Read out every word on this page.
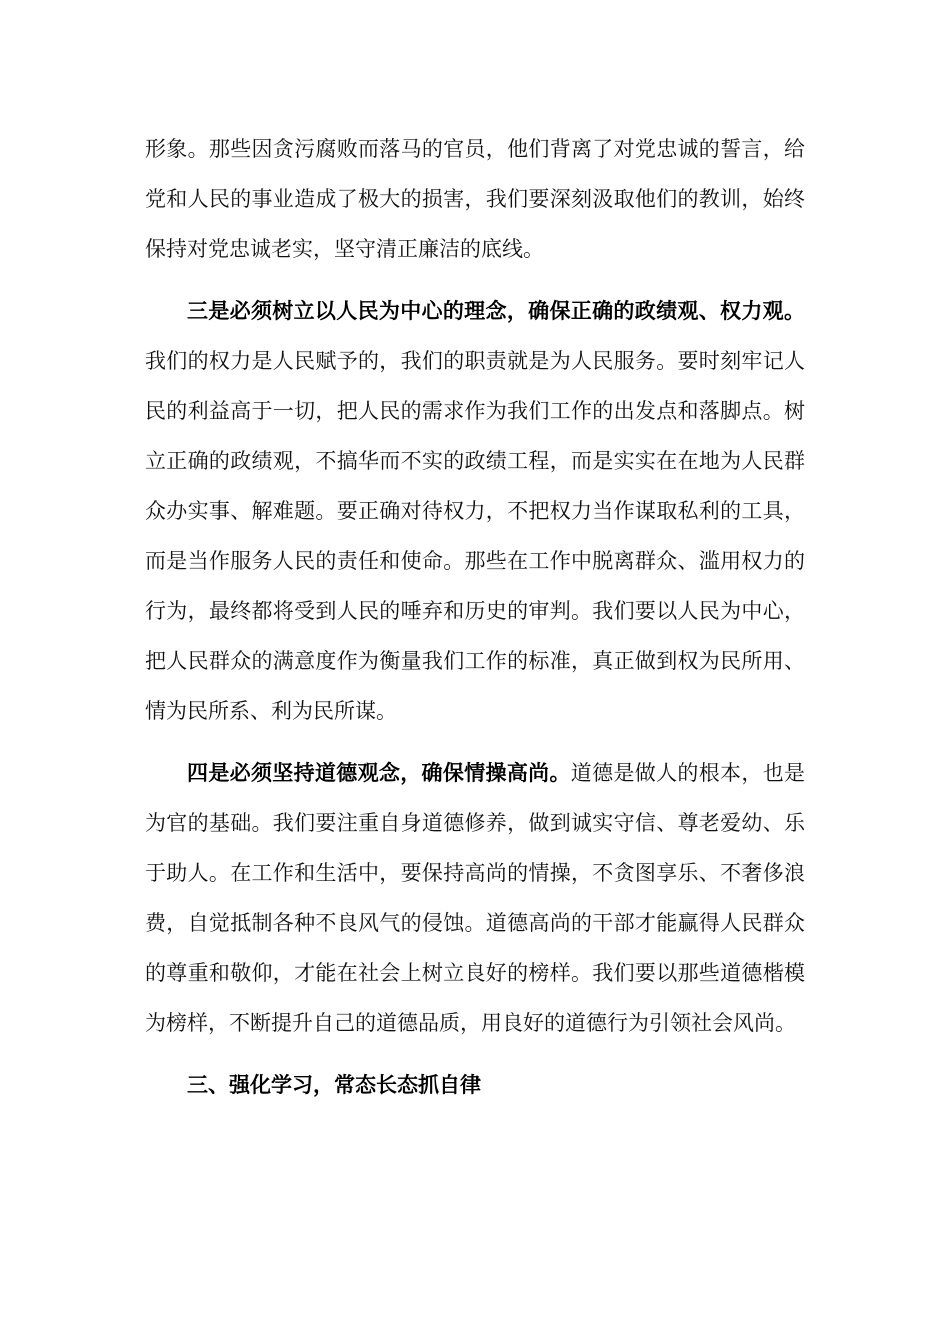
形象。那些因贪污腐败而落马的官员，他们背离了对党忠诚的誓言，给党和人民的事业造成了极大的损害，我们要深刻汲取他们的教训，始终保持对党忠诚老实，坚守清正廉洁的底线。

三是必须树立以人民为中心的理念，确保正确的政绩观、权力观。我们的权力是人民赋予的，我们的职责就是为人民服务。要时刻牢记人民的利益高于一切，把人民的需求作为我们工作的出发点和落脚点。树立正确的政绩观，不搞华而不实的政绩工程，而是实实在在地为人民群众办实事、解难题。要正确对待权力，不把权力当作谋取私利的工具，而是当作服务人民的责任和使命。那些在工作中脱离群众、滥用权力的行为，最终都将受到人民的唾弃和历史的审判。我们要以人民为中心，把人民群众的满意度作为衡量我们工作的标准，真正做到权为民所用、情为民所系、利为民所谋。

四是必须坚持道德观念，确保情操高尚。道德是做人的根本，也是为官的基础。我们要注重自身道德修养，做到诚实守信、尊老爱幼、乐于助人。在工作和生活中，要保持高尚的情操，不贪图享乐、不奢侈浪费，自觉抵制各种不良风气的侵蚀。道德高尚的干部才能赢得人民群众的尊重和敬仰，才能在社会上树立良好的榜样。我们要以那些道德楷模为榜样，不断提升自己的道德品质，用良好的道德行为引领社会风尚。

三、强化学习，常态长态抓自律
